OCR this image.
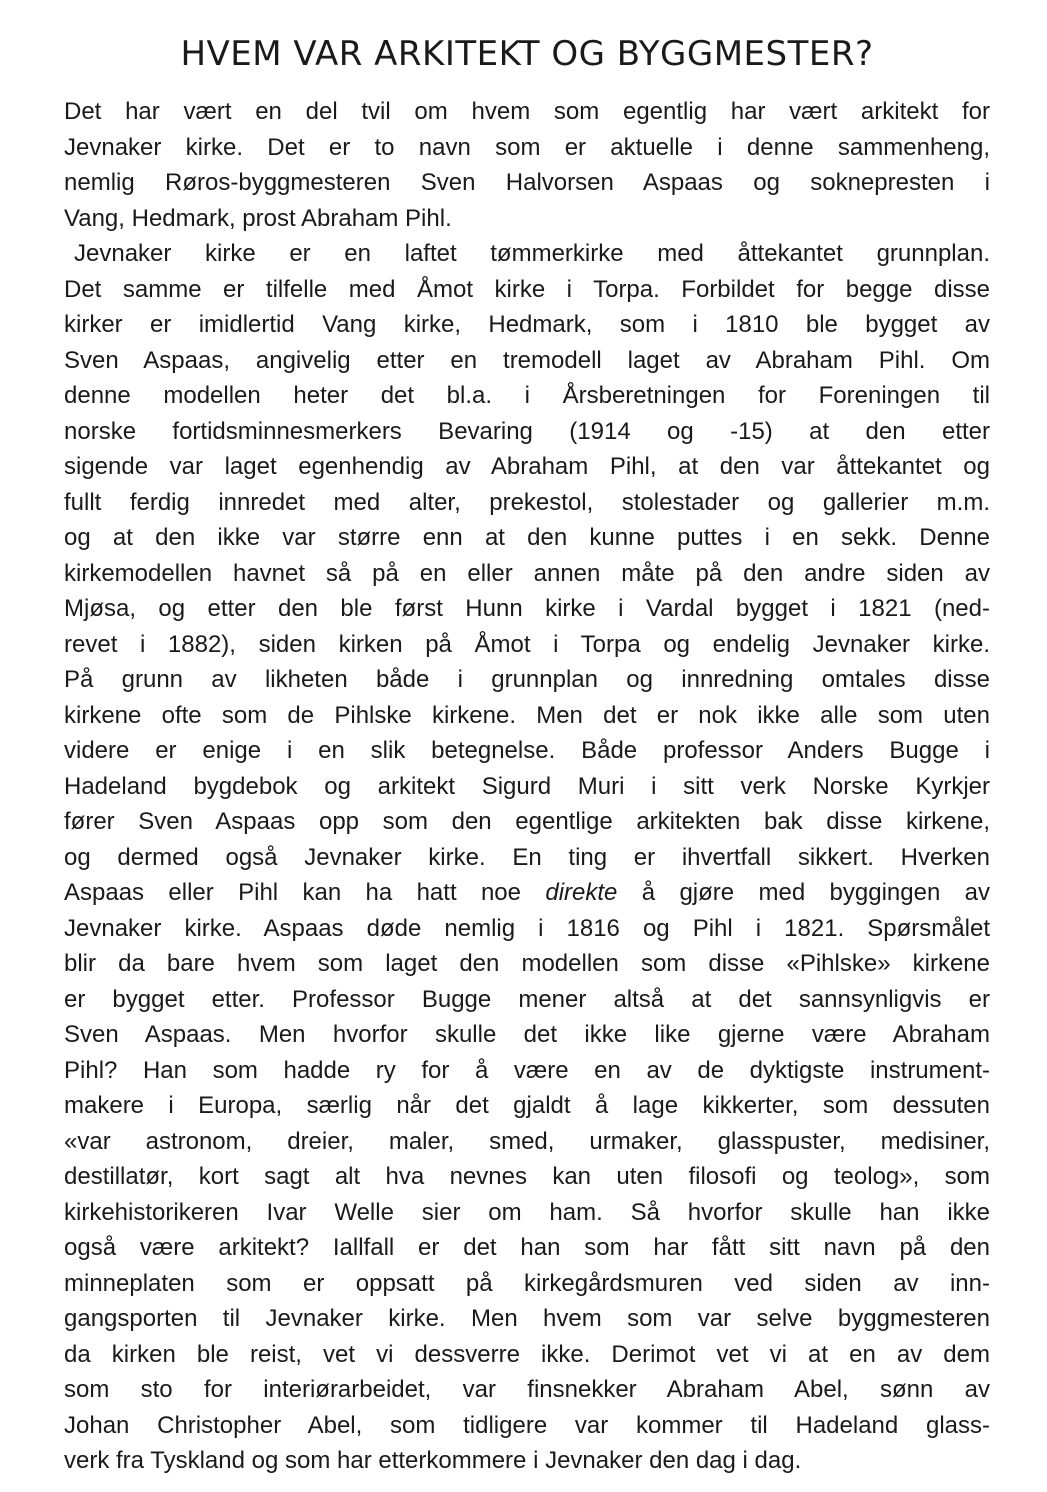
HVEM VAR ARKITEKT OG BYGGMESTER?
Det har vært en del tvil om hvem som egentlig har vært arkitekt for
Jevnaker kirke. Det er to navn som er aktuelle i denne sammenheng,
nemlig Røros-byggmesteren Sven Halvorsen Aspaas og soknepresten i
Vang, Hedmark, prost Abraham Pihl.
Jevnaker kirke er en laftet tømmerkirke med åttekantet grunnplan.
Det samme er tilfelle med Åmot kirke i Torpa. Forbildet for begge disse
kirker er imidlertid Vang kirke, Hedmark, som i 1810 ble bygget av
Sven Aspaas, angivelig etter en tremodell laget av Abraham Pihl. Om
denne modellen heter det bl.a. i Årsberetningen for Foreningen til
norske fortidsminnesmerkers Bevaring (1914 og -15) at den etter
sigende var laget egenhendig av Abraham Pihl, at den var åttekantet og
fullt ferdig innredet med alter, prekestol, stolestader og gallerier m.m.
og at den ikke var større enn at den kunne puttes i en sekk. Denne
kirkemodellen havnet så på en eller annen måte på den andre siden av
Mjøsa, og etter den ble først Hunn kirke i Vardal bygget i 1821 (ned-
revet i 1882), siden kirken på Åmot i Torpa og endelig Jevnaker kirke.
På grunn av likheten både i grunnplan og innredning omtales disse
kirkene ofte som de Pihlske kirkene. Men det er nok ikke alle som uten
videre er enige i en slik betegnelse. Både professor Anders Bugge i
Hadeland bygdebok og arkitekt Sigurd Muri i sitt verk Norske Kyrkjer
fører Sven Aspaas opp som den egentlige arkitekten bak disse kirkene,
og dermed også Jevnaker kirke. En ting er ihvertfall sikkert. Hverken
Aspaas eller Pihl kan ha hatt noe direkte å gjøre med byggingen av
Jevnaker kirke. Aspaas døde nemlig i 1816 og Pihl i 1821. Spørsmålet
blir da bare hvem som laget den modellen som disse «Pihlske» kirkene
er bygget etter. Professor Bugge mener altså at det sannsynligvis er
Sven Aspaas. Men hvorfor skulle det ikke like gjerne være Abraham
Pihl? Han som hadde ry for å være en av de dyktigste instrument-
makere i Europa, særlig når det gjaldt å lage kikkerter, som dessuten
«var astronom, dreier, maler, smed, urmaker, glasspuster, medisiner,
destillatør, kort sagt alt hva nevnes kan uten filosofi og teolog», som
kirkehistorikeren Ivar Welle sier om ham. Så hvorfor skulle han ikke
også være arkitekt? Iallfall er det han som har fått sitt navn på den
minneplaten som er oppsatt på kirkegårdsmuren ved siden av inn-
gangsporten til Jevnaker kirke. Men hvem som var selve byggmesteren
da kirken ble reist, vet vi dessverre ikke. Derimot vet vi at en av dem
som sto for interiørarbeidet, var finsnekker Abraham Abel, sønn av
Johan Christopher Abel, som tidligere var kommer til Hadeland glass-
verk fra Tyskland og som har etterkommere i Jevnaker den dag i dag.
